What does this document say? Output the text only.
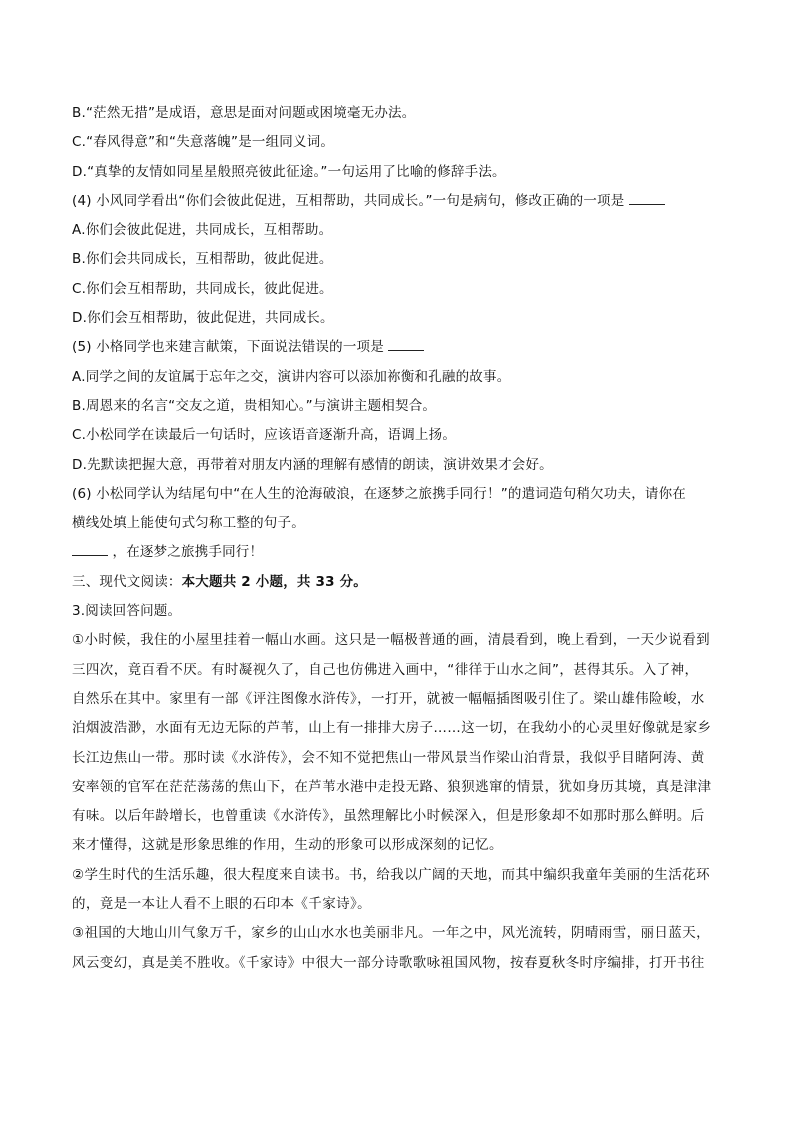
B.“茫然无措”是成语，意思是面对问题或困境毫无办法。

C.“春风得意”和“失意落魄”是一组同义词。

D.“真挚的友情如同星星般照亮彼此征途。”一句运用了比喻的修辞手法。

(4) 小风同学看出“你们会彼此促进，互相帮助，共同成长。”一句是病句，修改正确的一项是

A.你们会彼此促进，共同成长，互相帮助。

B.你们会共同成长，互相帮助，彼此促进。

C.你们会互相帮助，共同成长，彼此促进。

D.你们会互相帮助，彼此促进，共同成长。

(5) 小格同学也来建言献策，下面说法错误的一项是

A.同学之间的友谊属于忘年之交，演讲内容可以添加祢衡和孔融的故事。

B.周恩来的名言“交友之道，贵相知心。”与演讲主题相契合。

C.小松同学在读最后一句话时，应该语音逐渐升高，语调上扬。

D.先默读把握大意，再带着对朋友内涵的理解有感情的朗读，演讲效果才会好。

(6) 小松同学认为结尾句中“在人生的沧海破浪，在逐梦之旅携手同行！”的遣词造句稍欠功夫，请你在

横线处填上能使句式匀称工整的句子。

，在逐梦之旅携手同行！

三、现代文阅读：本大题共 2 小题，共 33 分。

3.阅读回答问题。

①小时候，我住的小屋里挂着一幅山水画。这只是一幅极普通的画，清晨看到，晚上看到，一天少说看到
三四次，竟百看不厌。有时凝视久了，自己也仿佛进入画中，“徘徉于山水之间”，甚得其乐。入了神，
自然乐在其中。家里有一部《评注图像水浒传》，一打开，就被一幅幅插图吸引住了。梁山雄伟险峻，水
泊烟波浩渺，水面有无边无际的芦苇，山上有一排排大房子……这一切，在我幼小的心灵里好像就是家乡
长江边焦山一带。那时读《水浒传》，会不知不觉把焦山一带风景当作梁山泊背景，我似乎目睹阿涛、黄
安率领的官军在茫茫荡荡的焦山下，在芦苇水港中走投无路、狼狈逃窜的情景，犹如身历其境，真是津津
有味。以后年龄增长，也曾重读《水浒传》，虽然理解比小时候深入，但是形象却不如那时那么鲜明。后
来才懂得，这就是形象思维的作用，生动的形象可以形成深刻的记忆。
②学生时代的生活乐趣，很大程度来自读书。书，给我以广阔的天地，而其中编织我童年美丽的生活花环
的，竟是一本让人看不上眼的石印本《千家诗》。
③祖国的大地山川气象万千，家乡的山山水水也美丽非凡。一年之中，风光流转，阴晴雨雪，丽日蓝天，
风云变幻，真是美不胜收。《千家诗》中很大一部分诗歌歌咏祖国风物，按春夏秋冬时序编排，打开书往
